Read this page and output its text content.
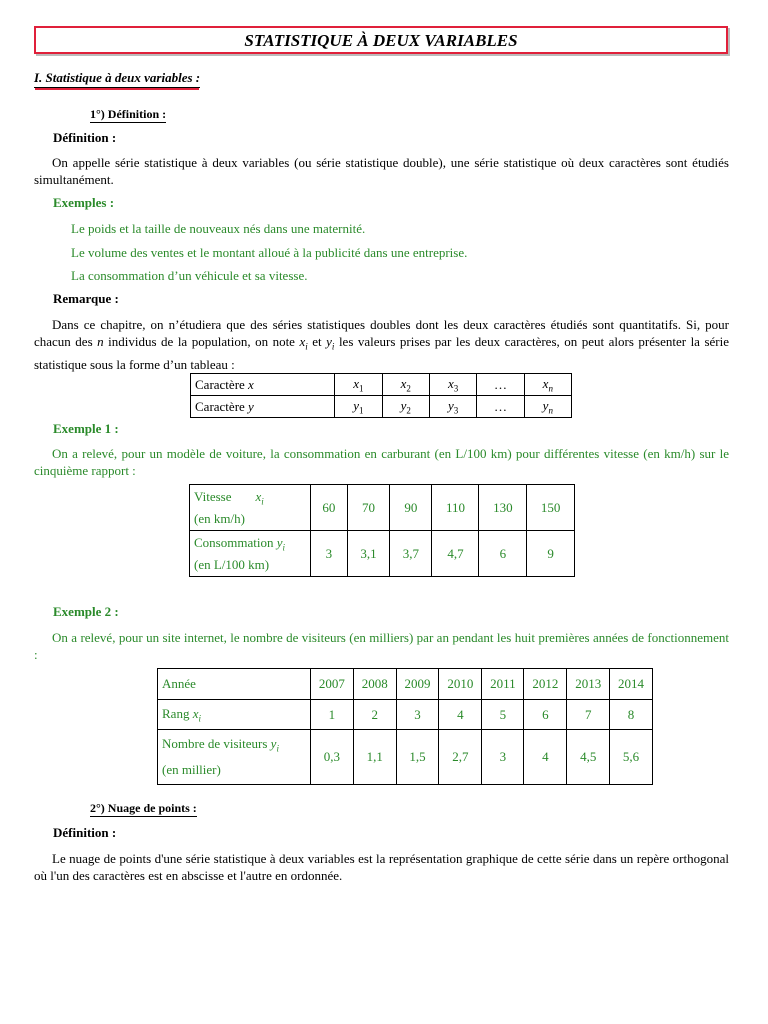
STATISTIQUE À DEUX VARIABLES
I. Statistique à deux variables :
1°) Définition :
Définition :
On appelle série statistique à deux variables (ou série statistique double), une série statistique où deux caractères sont étudiés simultanément.
Exemples :
Le poids et la taille de nouveaux nés dans une maternité.
Le volume des ventes et le montant alloué à la publicité dans une entreprise.
La consommation d’un véhicule et sa vitesse.
Remarque :
Dans ce chapitre, on n’étudiera que des séries statistiques doubles dont les deux caractères étudiés sont quantitatifs. Si, pour chacun des n individus de la population, on note $x_i$ et $y_i$ les valeurs prises par les deux caractères, on peut alors présenter la série statistique sous la forme d’un tableau :
Caractère x	$x_1$	$x_2$	$x_3$	…	$x_n$
Caractère y	$y_1$	$y_2$	$y_3$	…	$y_n$
Exemple 1 :
On a relevé, pour un modèle de voiture, la consommation en carburant (en L/100 km) pour différentes vitesse (en km/h) sur le cinquième rapport :
Vitesse $x_i$
(en km/h)	60	70	90	110	130	150

Consommation $y_i$
(en L/100 km)	3	3,1	3,7	4,7	6	9
Exemple 2 :
On a relevé, pour un site internet, le nombre de visiteurs (en milliers) par an pendant les huit premières années de fonctionnement :
Année	2007	2008	2009	2010	2011	2012	2013	2014
Rang $x_i$	1	2	3	4	5	6	7	8

Nombre de visiteurs $y_i$
(en millier)	0,3	1,1	1,5	2,7	3	4	4,5	5,6
2°) Nuage de points :
Définition :
Le nuage de points d'une série statistique à deux variables est la représentation graphique de cette série dans un repère orthogonal où l'un des caractères est en abscisse et l'autre en ordonnée.
